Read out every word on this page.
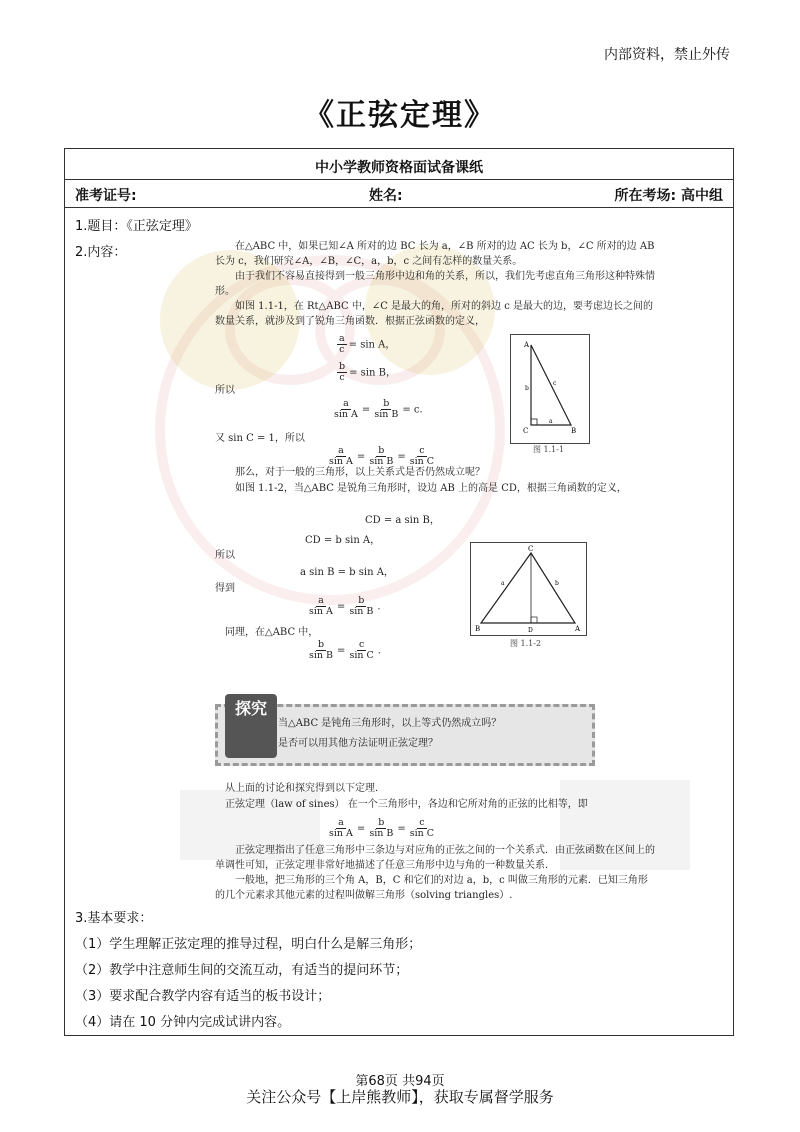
内部资料，禁止外传
《正弦定理》
中小学教师资格面试备课纸
准考证号:	姓名:	所在考场: 高中组
1.题目：《正弦定理》
2.内容：	在△ABC 中，如果已知∠A 所对的边 BC 长为 a，∠B 所对的边 AC 长为 b，∠C 所对的边 AB 长为 c，我们研究∠A，∠B，∠C，a，b，c 之间有怎样的数量关系。

由于我们不容易直接得到一般三角形中边和角的关系，所以，我们先考虑直角三角形这种特殊情形。

如图 1.1-1，在 Rt△ABC 中，∠C 是最大的角，所对的斜边 c 是最大的边，要考虑边长之间的数量关系，就涉及到了锐角三角函数．根据正弦函数的定义，

$\frac{a}{c} = \sin A$，
$\frac{b}{c} = \sin B$，

所以

$\frac{a}{\text{sin A}} = \frac{b}{\text{sin B}} = c$.

又 sin C = 1，所以

$\frac{a}{\text{sin A}} = \frac{b}{\text{sin B}} = \frac{c}{\text{sin C}}$
A
C	B
c
b
a
图 1.1-1

那么，对于一般的三角形，以上关系式是否仍然成立呢？

如图 1.1-2，当△ABC 是锐角三角形时，设边 AB 上的高是 CD，根据三角函数的定义，

CD = a sin B，
CD = b sin A，

所以

a sin B = b sin A，

得到

$\frac{a}{\text{sin A}} = \frac{b}{\text{sin B}}$ .

同理，在△ABC 中，

$\frac{b}{\text{sin B}} = \frac{c}{\text{sin C}}$ .
C
B	A
D
a	b
图 1.1-2

当△ABC 是钝角三角形时，以上等式仍然成立吗？

是否可以用其他方法证明正弦定理？

探究

从上面的讨论和探究得到以下定理．

正弦定理（law of sines） 在一个三角形中，各边和它所对角的正弦的比相等，即

$\frac{a}{\text{sin A}} = \frac{b}{\text{sin B}} = \frac{c}{\text{sin C}}$

正弦定理指出了任意三角形中三条边与对应角的正弦之间的一个关系式．由正弦函数在区间上的单调性可知，正弦定理非常好地描述了任意三角形中边与角的一种数量关系．

一般地，把三角形的三个角 A，B，C 和它们的对边 a，b，c 叫做三角形的元素．已知三角形的几个元素求其他元素的过程叫做解三角形（solving triangles）.

3.基本要求：
（1）学生理解正弦定理的推导过程，明白什么是解三角形；
（2）教学中注意师生间的交流互动，有适当的提问环节；
（3）要求配合教学内容有适当的板书设计；
（4）请在 10 分钟内完成试讲内容。
第68页 共94页
关注公众号【上岸熊教师】，获取专属督学服务
